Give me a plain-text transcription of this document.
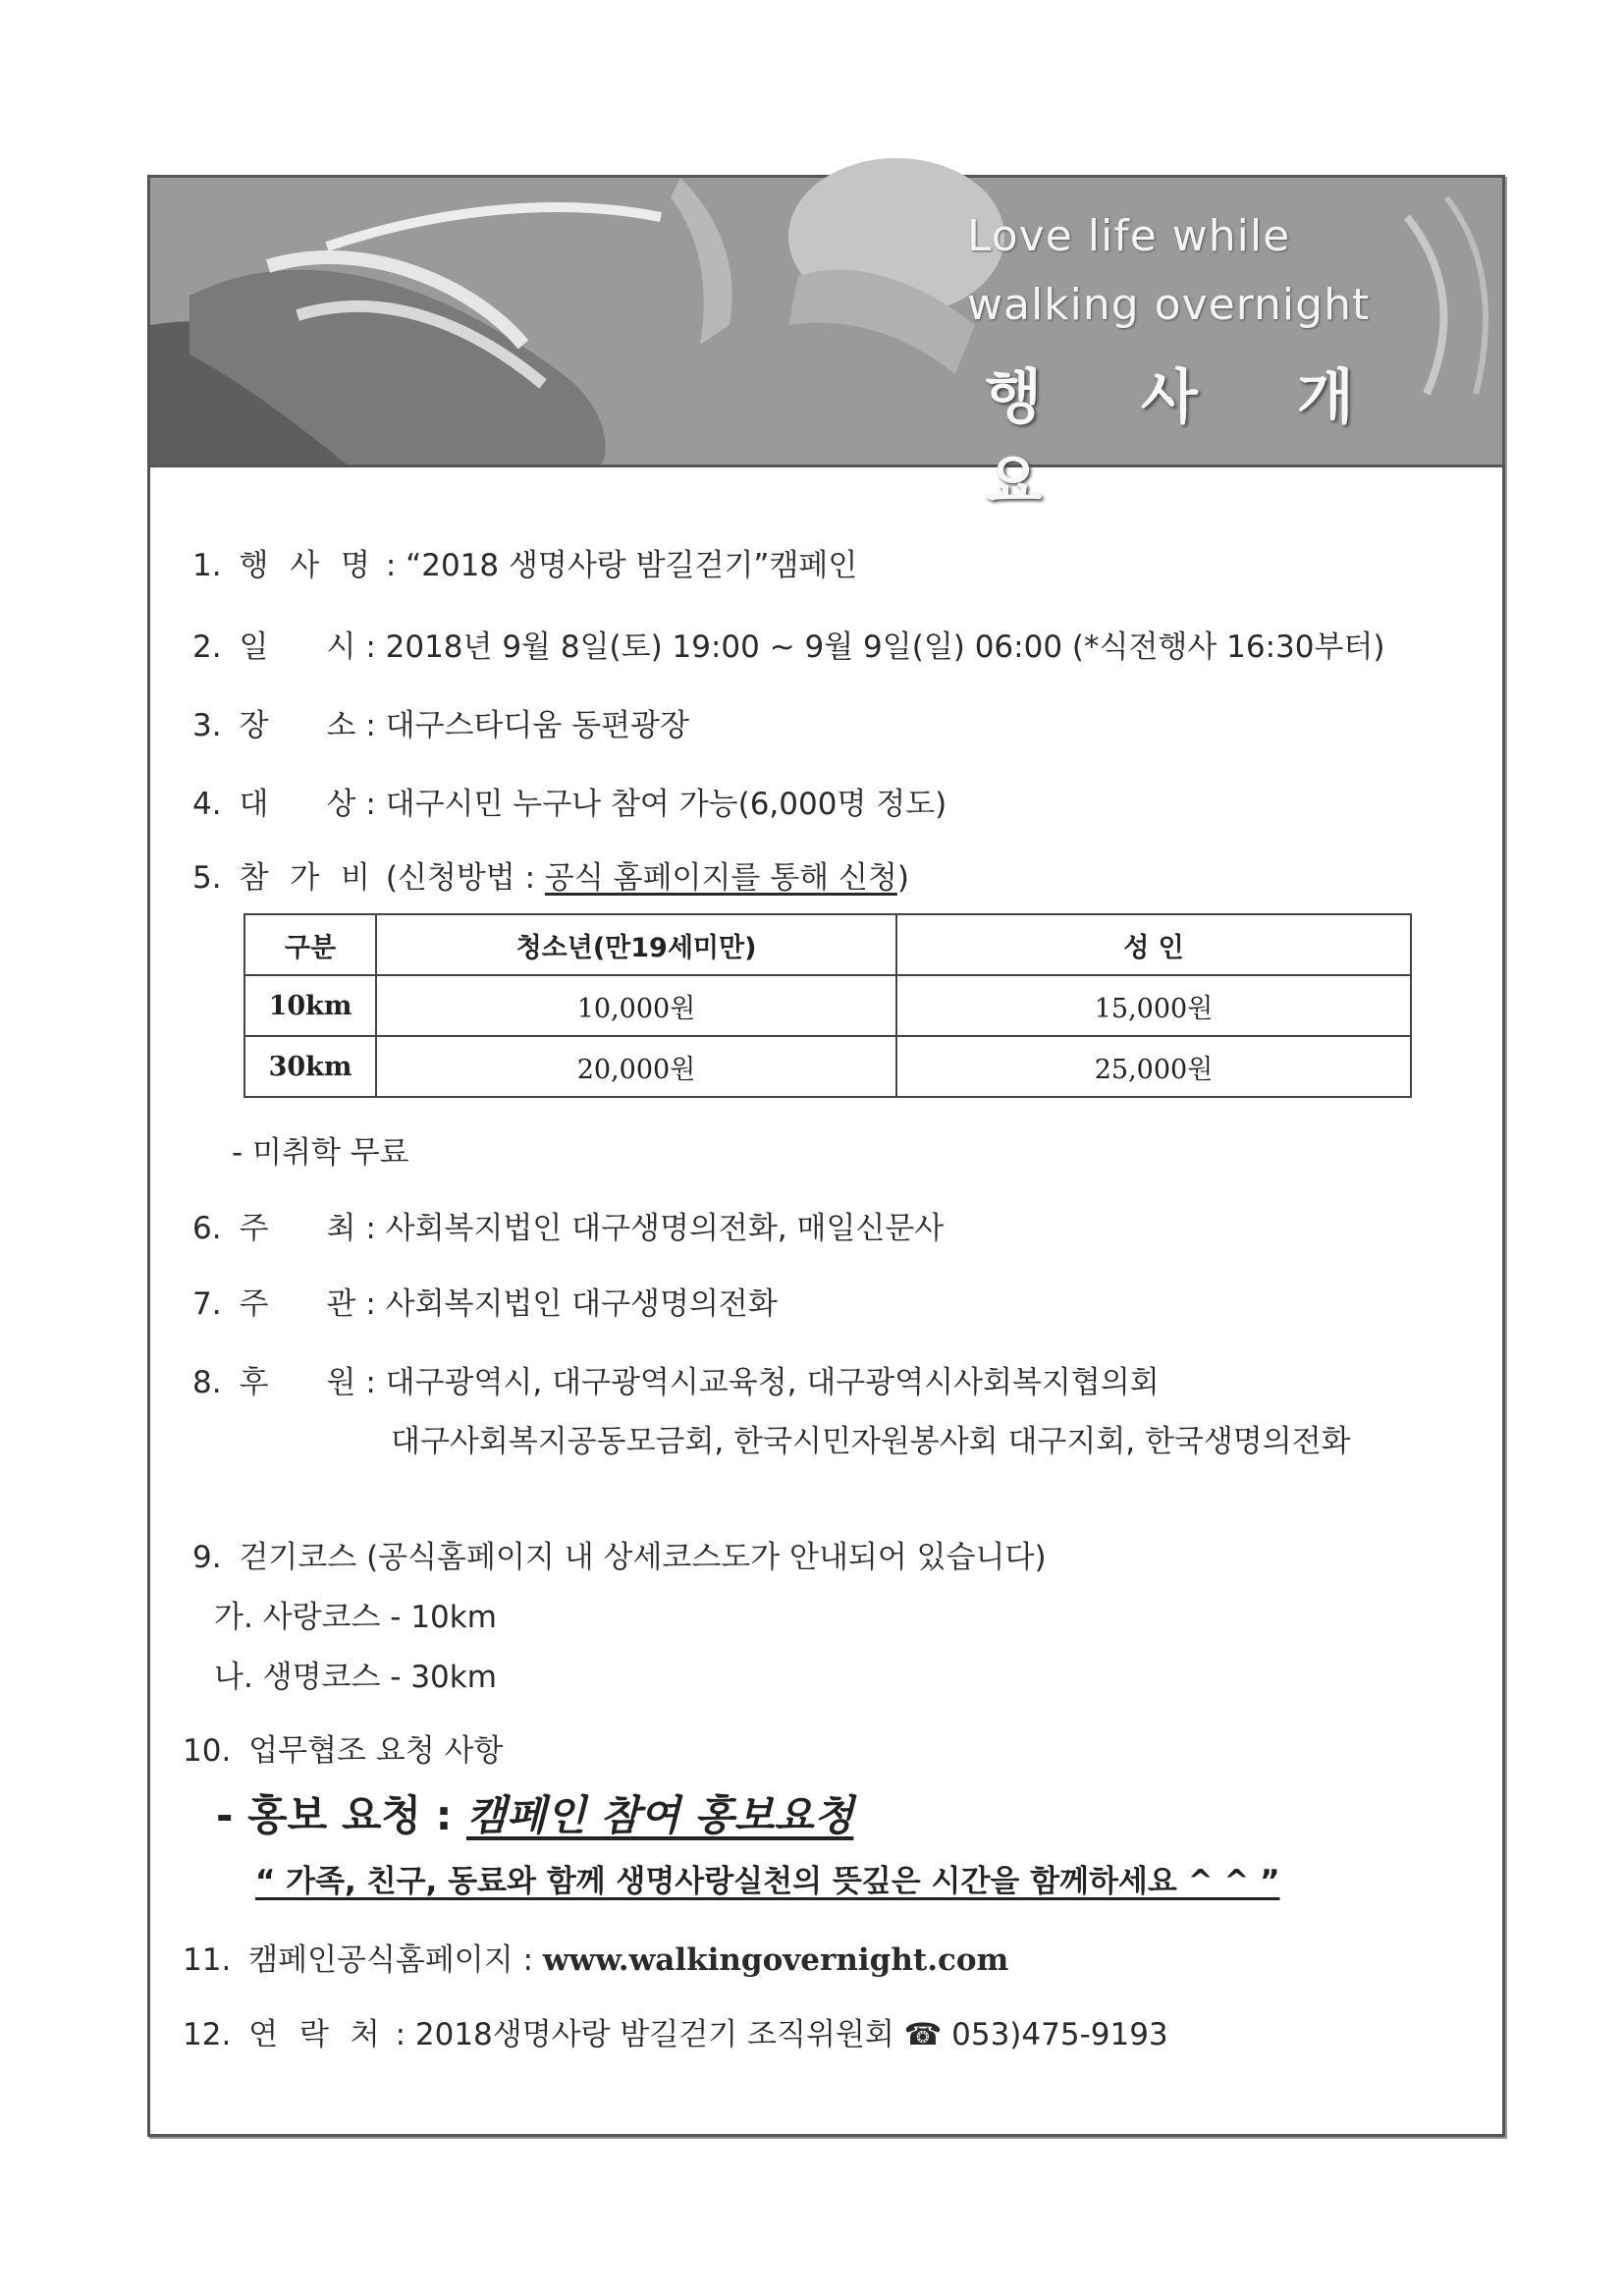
Love life while
walking overnight
행 사 개 요
1. 행 사 명 : “2018 생명사랑 밤길걷기”캠페인
2. 일      시 : 2018년 9월 8일(토) 19:00 ~ 9월 9일(일) 06:00 (*식전행사 16:30부터)
3. 장      소 : 대구스타디움 동편광장
4. 대      상 : 대구시민 누구나 참여 가능(6,000명 정도)
5. 참 가 비 (신청방법 : 공식 홈페이지를 통해 신청)
구분	청소년(만19세미만)	성 인
10km	10,000원	15,000원
30km	20,000원	25,000원
- 미취학 무료
6. 주      최 : 사회복지법인 대구생명의전화, 매일신문사
7. 주      관 : 사회복지법인 대구생명의전화
8. 후      원 : 대구광역시, 대구광역시교육청, 대구광역시사회복지협의회
대구사회복지공동모금회, 한국시민자원봉사회 대구지회, 한국생명의전화
9. 걷기코스 (공식홈페이지 내 상세코스도가 안내되어 있습니다)
가. 사랑코스 - 10km
나. 생명코스 - 30km
10. 업무협조 요청 사항
- 홍보 요청 : 캠페인 참여 홍보요청
“ 가족, 친구, 동료와 함께 생명사랑실천의 뜻깊은 시간을 함께하세요 ^ ^ ”
11. 캠페인공식홈페이지 : www.walkingovernight.com
12. 연 락 처 : 2018생명사랑 밤길걷기 조직위원회 ☎ 053)475-9193
